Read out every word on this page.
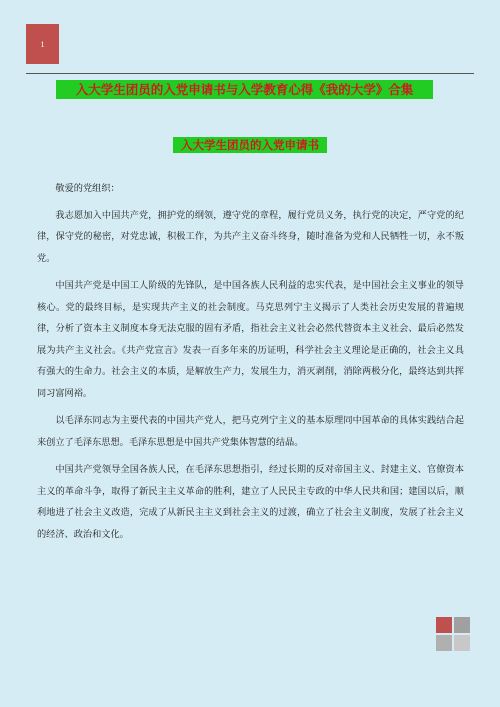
1
入大学生团员的入党申请书与入学教育心得《我的大学》合集
入大学生团员的入党申请书

敬爱的党组织：

我志愿加入中国共产党，拥护党的纲领，遵守党的章程，履行党员义务，执行党的决定，严守党的纪律，保守党的秘密，对党忠诚，积极工作，为共产主义奋斗终身，随时准备为党和人民牺牲一切，永不叛党。

中国共产党是中国工人阶级的先锋队，是中国各族人民利益的忠实代表，是中国社会主义事业的领导核心。党的最终目标，是实现共产主义的社会制度。马克思列宁主义揭示了人类社会历史发展的普遍规律，分析了资本主义制度本身无法克服的固有矛盾，指社会主义社会必然代替资本主义社会、最后必然发展为共产主义社会。《共产党宣言》发表一百多年来的历证明，科学社会主义理论是正确的，社会主义具有强大的生命力。社会主义的本质，是解放生产力，发展生力，消灭剥削，消除两极分化，最终达到共挥同习富网裕。

以毛泽东同志为主要代表的中国共产党人，把马克列宁主义的基本原理同中国革命的具体实践结合起来创立了毛泽东思想。毛泽东思想是中国共产党集体智慧的结晶。

中国共产党领导全国各族人民，在毛泽东思想指引，经过长期的反对帝国主义、封建主义、官僚资本主义的革命斗争，取得了新民主主义革命的胜利，建立了人民民主专政的中华人民共和国；建国以后，顺利地进了社会主义改造，完成了从新民主主义到社会主义的过渡，确立了社会主义制度，发展了社会主义的经济、政治和文化。
